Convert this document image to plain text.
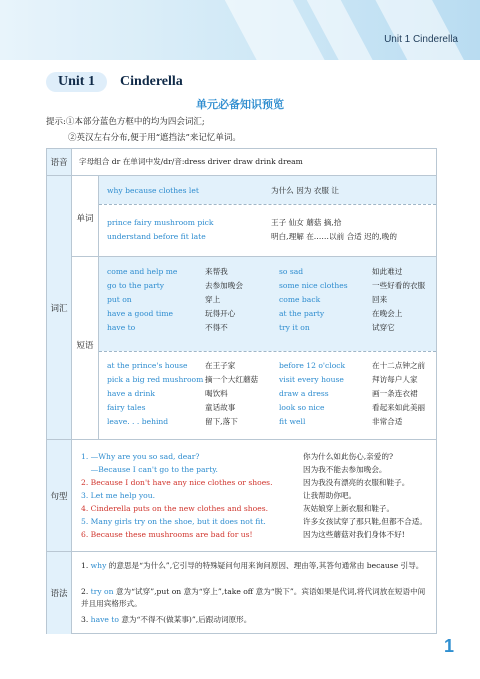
Unit 1 Cinderella
Unit 1 Cinderella
单元必备知识预览
提示:①本部分蓝色方框中的均为四会词汇;
②英汉左右分布,便于用“遮挡法”来记忆单词。
语音	字母组合 dr 在单词中发/dr/音:dress driver draw drink dream
词汇
单词
短语
why because clothes let	为什么 因为 衣服 让
prince fairy mushroom pick	王子 仙女 蘑菇 摘,拾
understand before fit late	明白,理解 在……以前 合适 迟的,晚的
come and help me	来帮我	so sad	如此难过
go to the party	去参加晚会	some nice clothes	一些好看的衣服
put on	穿上	come back	回来
have a good time	玩得开心	at the party	在晚会上
have to	不得不	try it on	试穿它
at the prince's house 在王子家	before 12 o'clock	在十二点钟之前
pick a big red mushroom 摘一个大红蘑菇	visit every house	拜访每户人家
have a drink	喝饮料	draw a dress	画一条连衣裙
fairy tales	童话故事	look so nice	看起来如此美丽
leave. . . behind	留下,落下	fit well	非常合适
句型
1. —Why are you so sad, dear?	你为什么如此伤心,亲爱的?
—Because I can't go to the party.	因为我不能去参加晚会。
2. Because I don't have any nice clothes or shoes.	因为我没有漂亮的衣服和鞋子。
3. Let me help you.	让我帮助你吧。
4. Cinderella puts on the new clothes and shoes.	灰姑娘穿上新衣服和鞋子。
5. Many girls try on the shoe, but it does not fit.	许多女孩试穿了那只鞋,但都不合适。
6. Because these mushrooms are bad for us!	因为这些蘑菇对我们身体不好!
语法
1. why 的意思是“为什么”,它引导的特殊疑问句用来询问原因、理由等,其答句通常由 because 引导。
2. try on 意为“试穿”,put on 意为“穿上”,take off 意为“脱下”。宾语如果是代词,将代词放在短语中间并且用宾格形式。
3. have to 意为“不得不(做某事)”,后跟动词原形。
1
